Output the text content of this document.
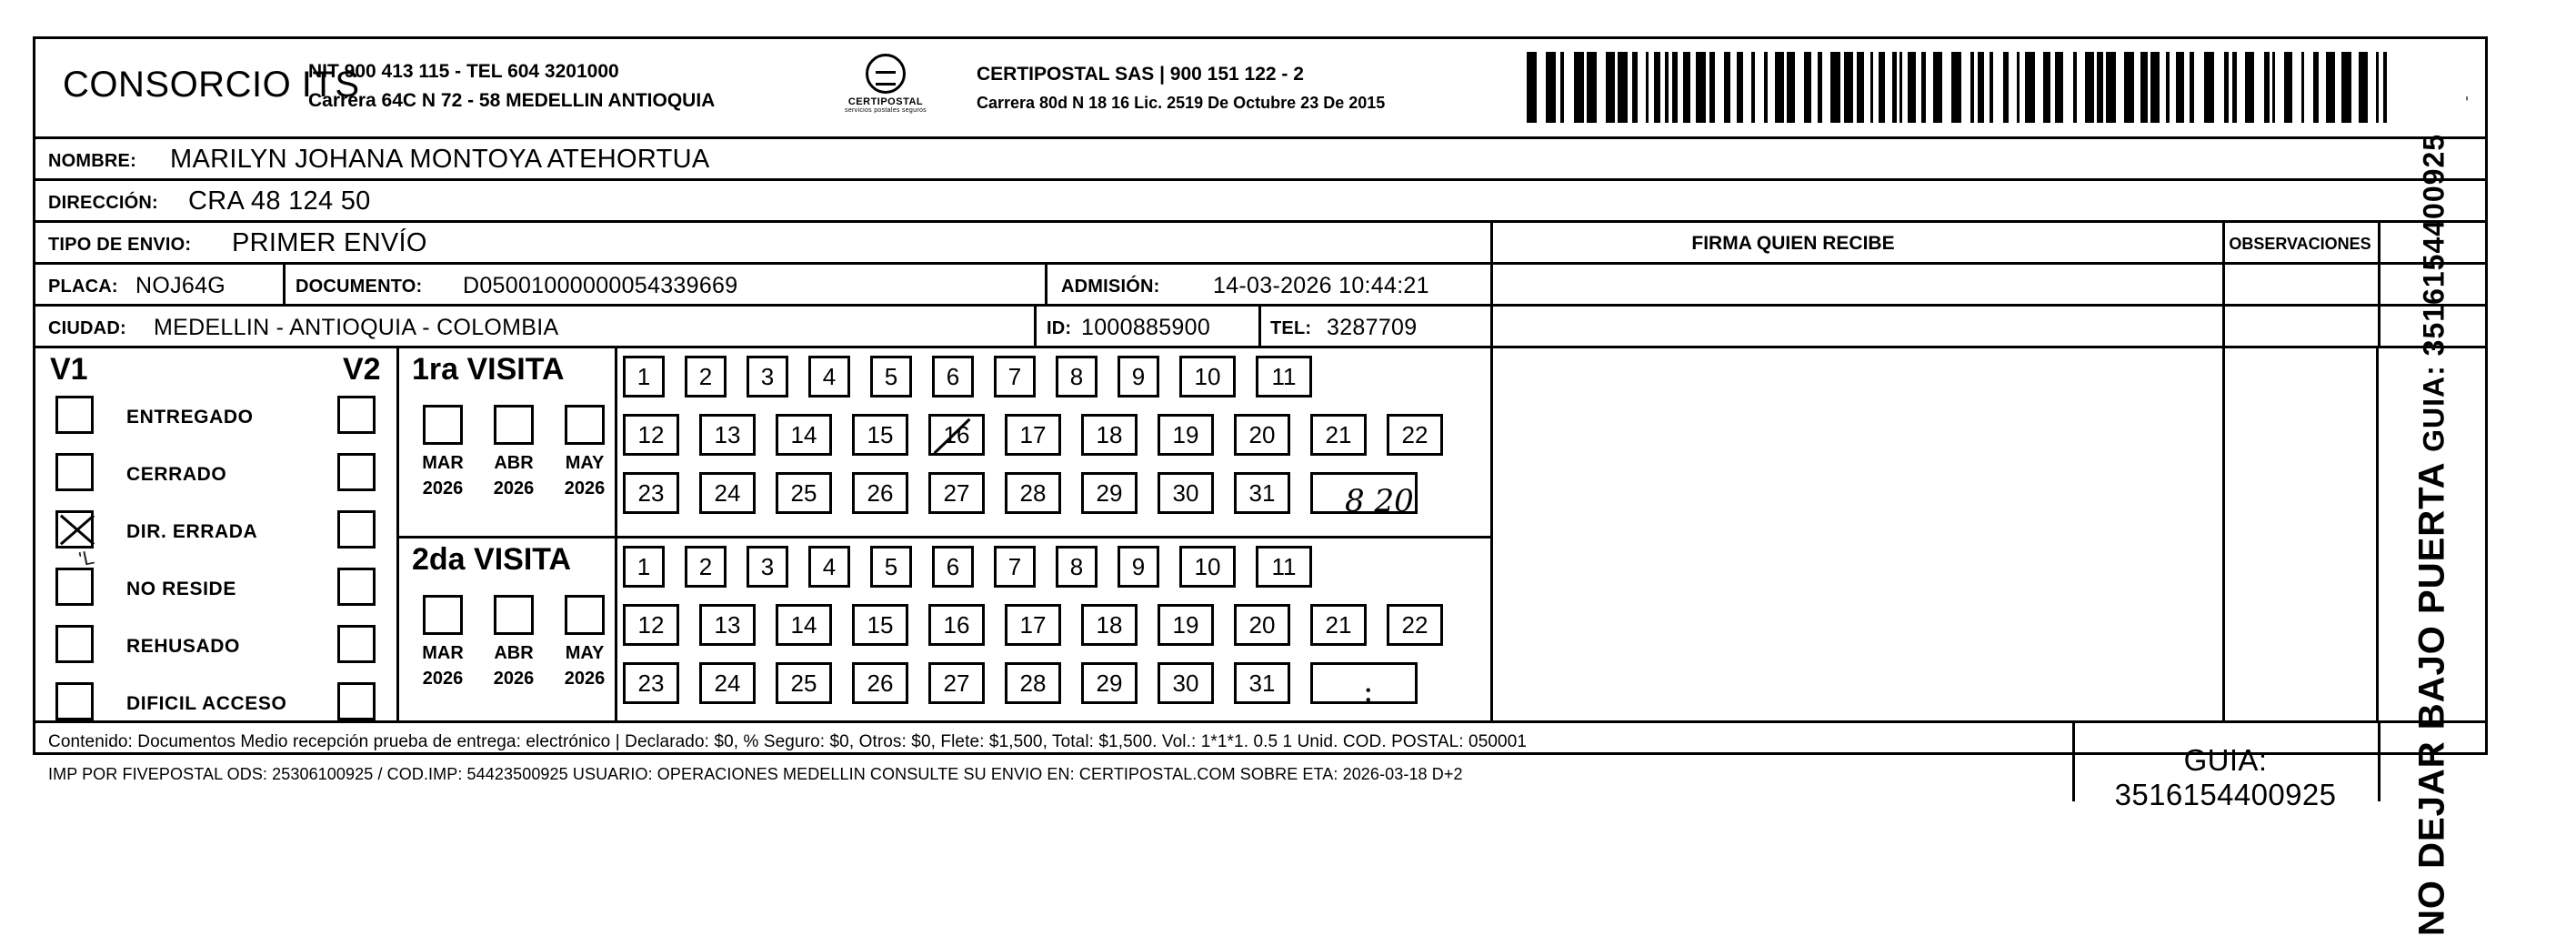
CONSORCIO ITS
NIT 900 413 115 - TEL 604 3201000
Carrera 64C N 72 - 58 MEDELLIN ANTIOQUIA	CERTIPOSTAL
servicios postales seguros
CERTIPOSTAL SAS | 900 151 122 - 2
Carrera 80d N 18 16 Lic. 2519 De Octubre 23 De 2015	ʹ
NOMBRE: MARILYN JOHANA MONTOYA ATEHORTUA
DIRECCIÓN: CRA 48 124 50
TIPO DE ENVIO: PRIMER ENVÍO	FIRMA QUIEN RECIBE	OBSERVACIONES
PLACA: NOJ64G	DOCUMENTO: D05001000000054339669	ADMISIÓN: 14-03-2026 10:44:21
CIUDAD: MEDELLIN - ANTIOQUIA - COLOMBIA	ID: 1000885900	TEL: 3287709
V1	V2
ENTREGADO
CERRADO
DIR. ERRADA
NO RESIDE
REHUSADO
DIFICIL ACCESO
'L
1ra VISITA
MAR
2026
ABR
2026
MAY
2026
2da VISITA
MAR
2026
ABR
2026
MAY
2026
1	2	3	4	5	6	7	8	9	10	11
12	13	14	15	16	17	18	19	20	21	22
23	24	25	26	27	28	29	30	31	8 20
1	2	3	4	5	6	7	8	9	10	11
12	13	14	15	16	17	18	19	20	21	22
23	24	25	26	27	28	29	30	31	:	NO DEJAR BAJO PUERTA GUIA: 3516154400925
Contenido: Documentos Medio recepción prueba de entrega: electrónico | Declarado: $0, % Seguro: $0, Otros: $0, Flete: $1,500, Total: $1,500. Vol.: 1*1*1. 0.5 1 Unid. COD. POSTAL: 050001
IMP POR FIVEPOSTAL ODS: 25306100925 / COD.IMP: 54423500925 USUARIO: OPERACIONES MEDELLIN CONSULTE SU ENVIO EN: CERTIPOSTAL.COM SOBRE ETA: 2026-03-18 D+2	GUIA: 3516154400925
